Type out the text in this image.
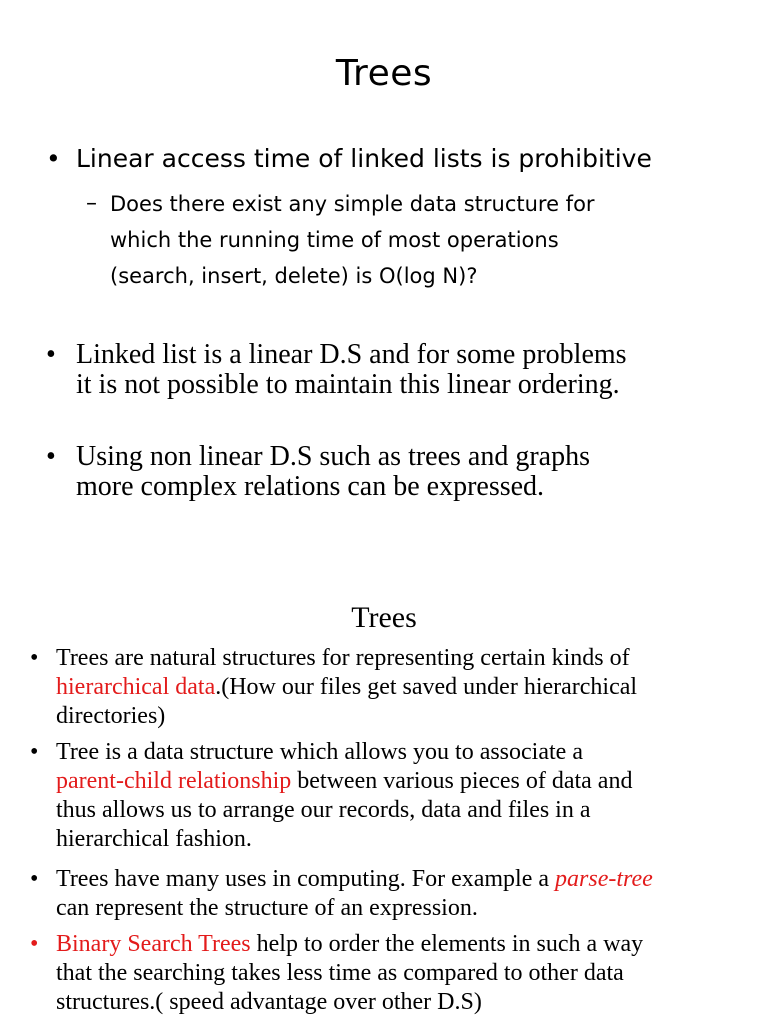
Trees
• Linear access time of linked lists is prohibitive
– Does there exist any simple data structure for
which the running time of most operations
(search, insert, delete) is O(log N)?
• Linked list is a linear D.S and for some problems
it is not possible to maintain this linear ordering.
• Using non linear D.S such as trees and graphs
more complex relations can be expressed.
Trees
• Trees are natural structures for representing certain kinds of
hierarchical data.(How our files get saved under hierarchical
directories)
• Tree is a data structure which allows you to associate a
parent-child relationship between various pieces of data and
thus allows us to arrange our records, data and files in a
hierarchical fashion.
• Trees have many uses in computing. For example a parse-tree
can represent the structure of an expression.
• Binary Search Trees help to order the elements in such a way
that the searching takes less time as compared to other data
structures.( speed advantage over other D.S)
